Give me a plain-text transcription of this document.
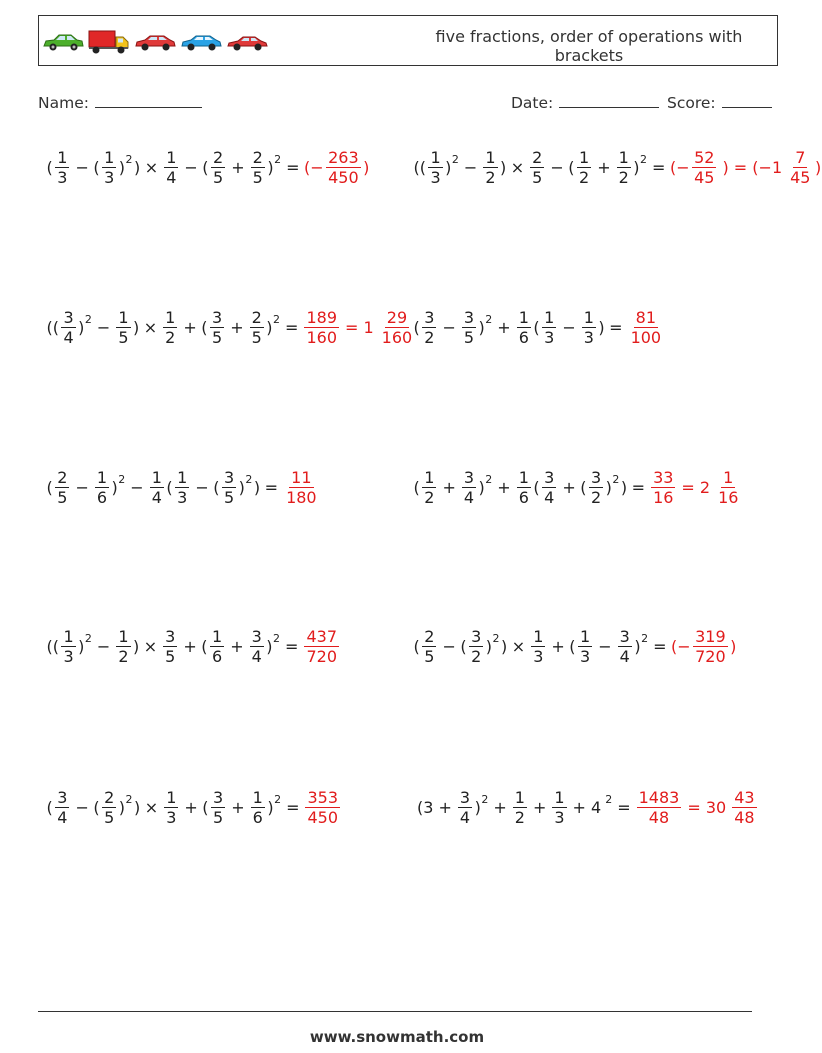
five fractions, order of operations with brackets
Name:	Date:	Score:
( $\frac{1}{3}$ − ( $\frac{1}{3}$ ) 2 ) × $\frac{1}{4}$ − ( $\frac{2}{5} + \frac{2}{5}$ ) 2 = (− $\frac{263}{450}$ )	(( $\frac{1}{3}$ ) $2 - \frac{1}{2}$ ) × $\frac{2}{5}$ − ( $\frac{1}{2} + \frac{1}{2}$ ) 2 = (− $\frac{52}{45}$ ) = ($-1 \frac{7}{45}$ )
(( $\frac{3}{4}$ ) $2 - \frac{1}{5}$ ) × $\frac{1}{2}$ + ( $\frac{3}{5} + \frac{2}{5}$ ) $2 = \frac{189}{160} = 1 \frac{29}{160}$ ( $\frac{3}{2} - \frac{3}{5}$ ) $2 + \frac{1}{6}$ ( $\frac{1}{3} - \frac{1}{3}$ ) = $\frac{81}{100}$
( $\frac{2}{5} - \frac{1}{6}$ ) $2 - \frac{1}{4}$ ( $\frac{1}{3}$ − ( $\frac{3}{5}$ ) 2 ) = $\frac{11}{180}$	( $\frac{1}{2} + \frac{3}{4}$ ) $2 + \frac{1}{6}$ ( $\frac{3}{4}$ + ( $\frac{3}{2}$ ) 2 ) = $\frac{33}{16} = 2 \frac{1}{16}$
(( $\frac{1}{3}$ ) $2 - \frac{1}{2}$ ) × $\frac{3}{5}$ + ( $\frac{1}{6} + \frac{3}{4}$ ) $2 = \frac{437}{720}$	( $\frac{2}{5}$ − ( $\frac{3}{2}$ ) 2 ) × $\frac{1}{3}$ + ( $\frac{1}{3} - \frac{3}{4}$ ) 2 = (− $\frac{319}{720}$ )
( $\frac{3}{4}$ − ( $\frac{2}{5}$ ) 2 ) × $\frac{1}{3}$ + ( $\frac{3}{5} + \frac{1}{6}$ ) $2 = \frac{353}{450}$	($3 + \frac{3}{4}$ ) $2 + \frac{1}{2} + \frac{1}{3} + 4$ $2 = \frac{1483}{48} = 30 \frac{43}{48}$
www.snowmath.com
